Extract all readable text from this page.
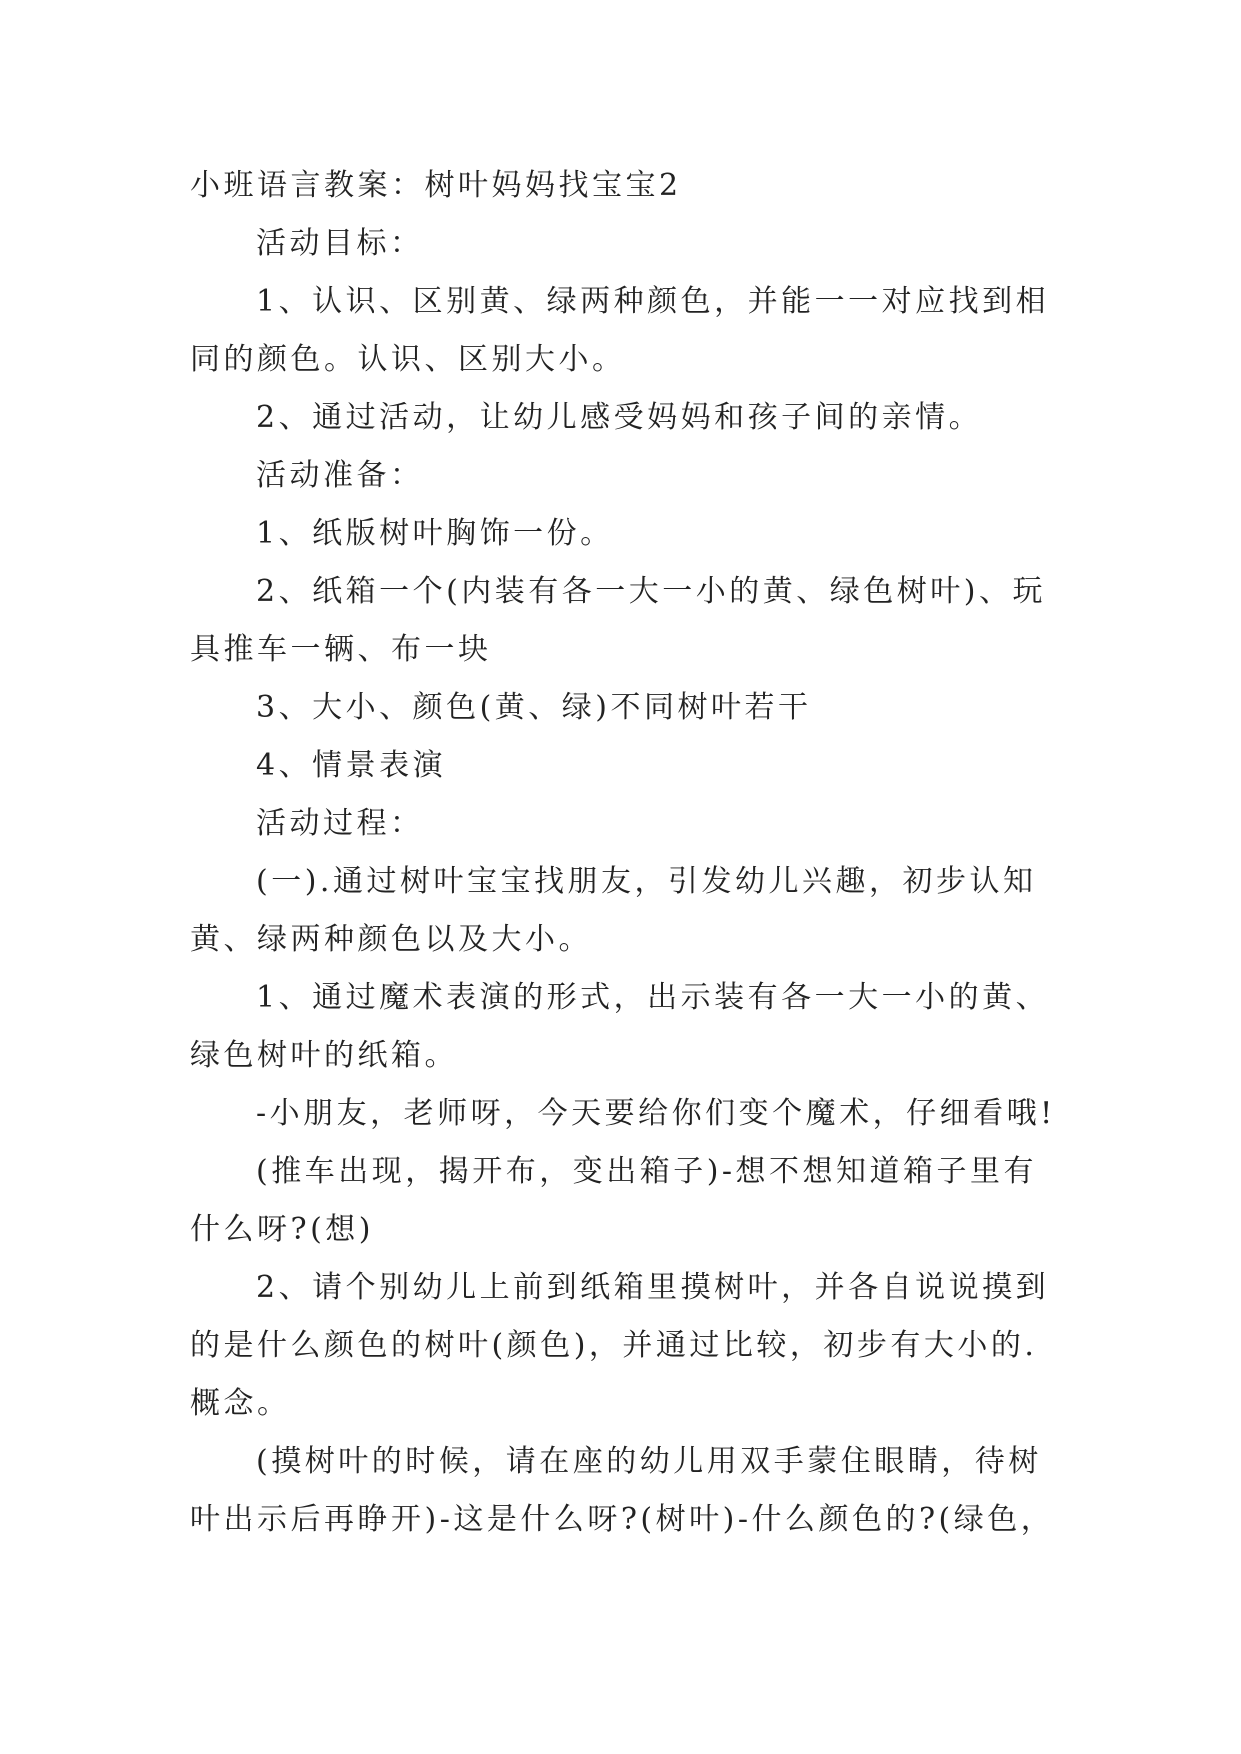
小班语言教案：树叶妈妈找宝宝2

活动目标：

1、认识、区别黄、绿两种颜色，并能一一对应找到相同的颜色。认识、区别大小。

2、通过活动，让幼儿感受妈妈和孩子间的亲情。

活动准备：

1、纸版树叶胸饰一份。

2、纸箱一个(内装有各一大一小的黄、绿色树叶)、玩具推车一辆、布一块

3、大小、颜色(黄、绿)不同树叶若干

4、情景表演

活动过程：

(一).通过树叶宝宝找朋友，引发幼儿兴趣，初步认知黄、绿两种颜色以及大小。

1、通过魔术表演的形式，出示装有各一大一小的黄、绿色树叶的纸箱。

-小朋友，老师呀，今天要给你们变个魔术，仔细看哦!

(推车出现，揭开布，变出箱子)-想不想知道箱子里有什么呀?(想)

2、请个别幼儿上前到纸箱里摸树叶，并各自说说摸到的是什么颜色的树叶(颜色)，并通过比较，初步有大小的.概念。

(摸树叶的时候，请在座的幼儿用双手蒙住眼睛，待树叶出示后再睁开)-这是什么呀?(树叶)-什么颜色的?(绿色，
